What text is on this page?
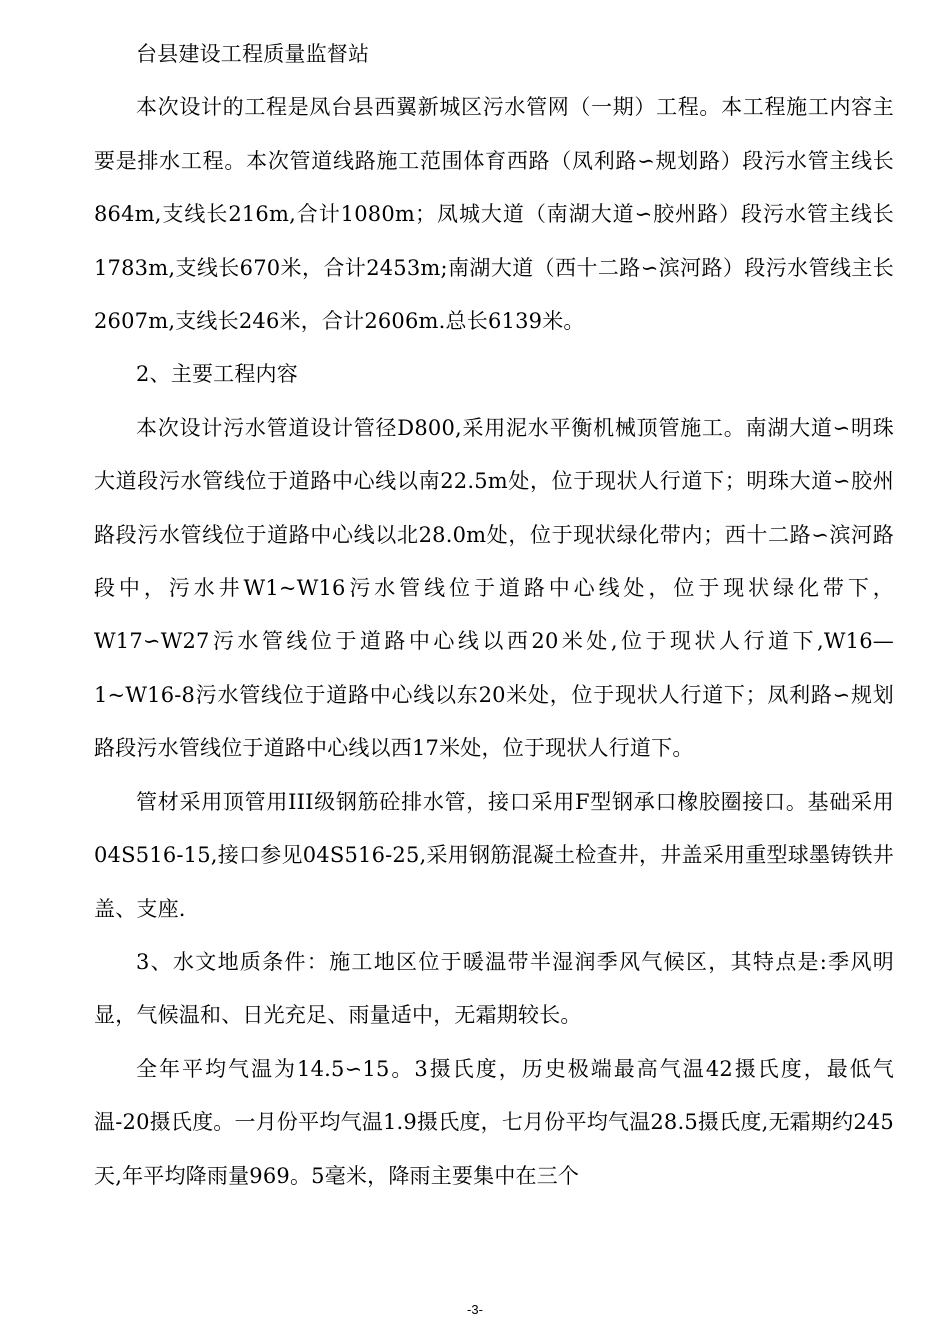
台县建设工程质量监督站

本次设计的工程是凤台县西翼新城区污水管网（一期）工程。本工程施工内容主要是排水工程。本次管道线路施工范围体育西路（凤利路∽规划路）段污水管主线长864m,支线长216m,合计1080m；凤城大道（南湖大道∽胶州路）段污水管主线长1783m,支线长670米，合计2453m;南湖大道（西十二路∽滨河路）段污水管线主长2607m,支线长246米，合计2606m.总长6139米。

2、主要工程内容

本次设计污水管道设计管径D800,采用泥水平衡机械顶管施工。南湖大道∽明珠大道段污水管线位于道路中心线以南22.5m处，位于现状人行道下；明珠大道∽胶州路段污水管线位于道路中心线以北28.0m处，位于现状绿化带内；西十二路∽滨河路段中，污水井W1~W16污水管线位于道路中心线处，位于现状绿化带下，W17∽W27污水管线位于道路中心线以西20米处,位于现状人行道下,W16—1~W16-8污水管线位于道路中心线以东20米处，位于现状人行道下；凤利路∽规划路段污水管线位于道路中心线以西17米处，位于现状人行道下。

管材采用顶管用III级钢筋砼排水管，接口采用F型钢承口橡胶圈接口。基础采用04S516-15,接口参见04S516-25,采用钢筋混凝土检查井，井盖采用重型球墨铸铁井盖、支座.

3、水文地质条件：施工地区位于暖温带半湿润季风气候区，其特点是:季风明显，气候温和、日光充足、雨量适中，无霜期较长。

全年平均气温为14.5∽15。3摄氏度，历史极端最高气温42摄氏度，最低气温-20摄氏度。一月份平均气温1.9摄氏度，七月份平均气温28.5摄氏度,无霜期约245天,年平均降雨量969。5毫米，降雨主要集中在三个

-3-
